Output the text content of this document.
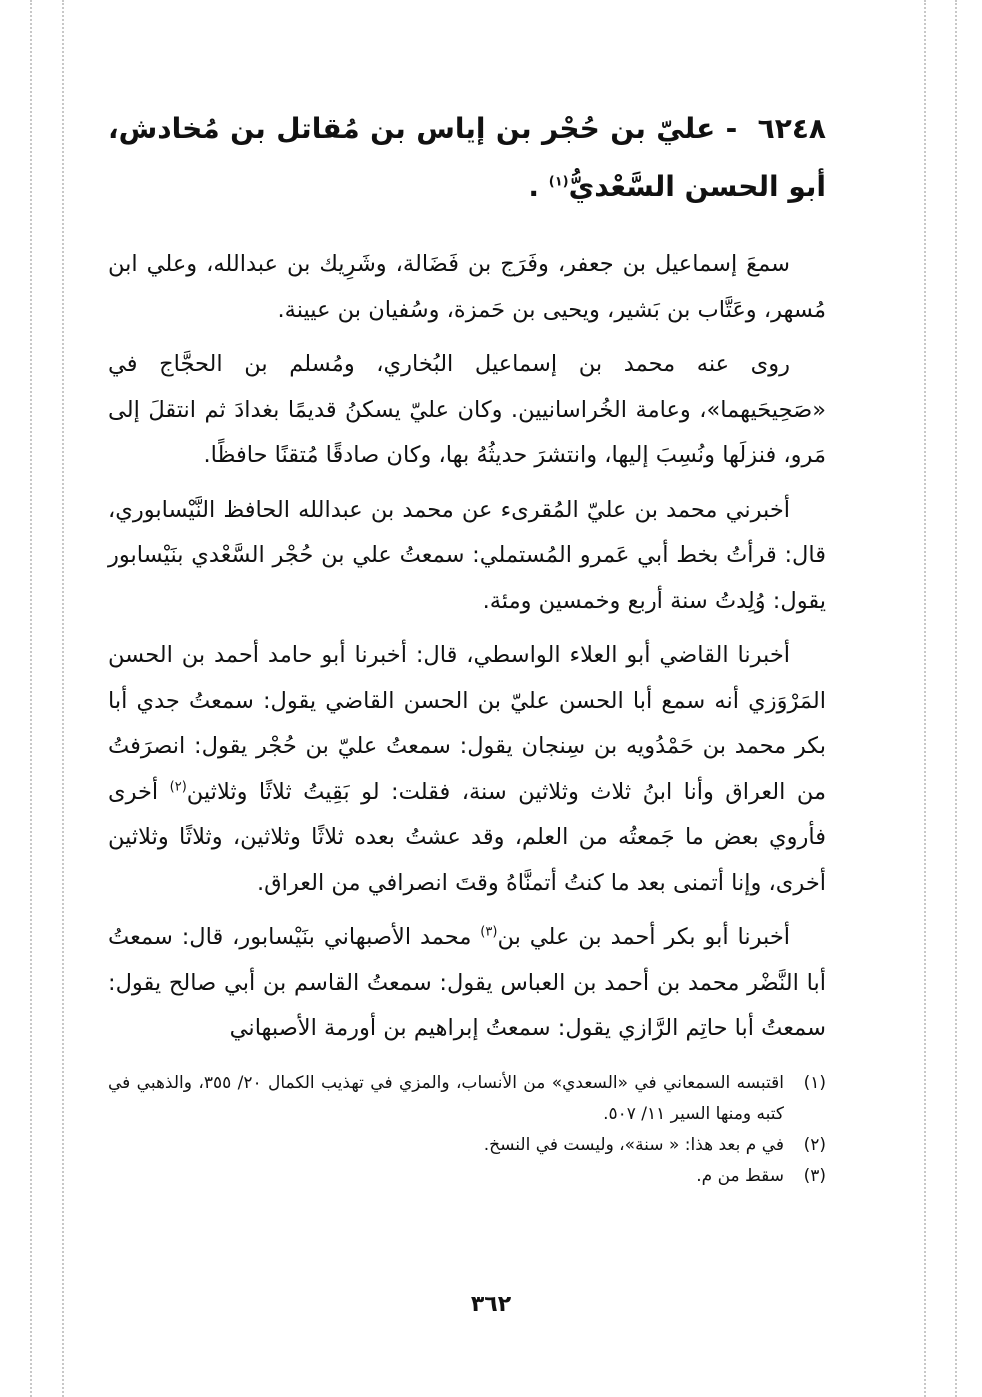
٦٢٤٨ - عليّ بن حُجْر بن إياس بن مُقاتل بن مُخادش، أبو الحسن السَّعْديُّ$^{(١)}$ .

سمعَ إسماعيل بن جعفر، وفَرَج بن فَضَالة، وشَرِيك بن عبدالله، وعلي ابن مُسهر، وعَتَّاب بن بَشير، ويحيى بن حَمزة، وسُفيان بن عيينة.

روى عنه محمد بن إسماعيل البُخاري، ومُسلم بن الحجَّاج في «صَحِيحَيهما»، وعامة الخُراسانيين. وكان عليّ يسكنُ قديمًا بغدادَ ثم انتقلَ إلى مَرو، فنزلَها ونُسِبَ إليها، وانتشرَ حديثُهُ بها، وكان صادقًا مُتقنًا حافظًا.

أخبرني محمد بن عليّ المُقرىء عن محمد بن عبدالله الحافظ النَّيْسابوري، قال: قرأتُ بخط أبي عَمرو المُستملي: سمعتُ علي بن حُجْر السَّعْدي بنَيْسابور يقول: وُلِدتُ سنة أربع وخمسين ومئة.

أخبرنا القاضي أبو العلاء الواسطي، قال: أخبرنا أبو حامد أحمد بن الحسن المَرْوَزي أنه سمع أبا الحسن عليّ بن الحسن القاضي يقول: سمعتُ جدي أبا بكر محمد بن حَمْدُويه بن سِنجان يقول: سمعتُ عليّ بن حُجْر يقول: انصرَفتُ من العراق وأنا ابنُ ثلاث وثلاثين سنة، فقلت: لو بَقِيتُ ثلاثًا وثلاثين$^{(٢)}$ أخرى فأروي بعض ما جَمعتُه من العلم، وقد عشتُ بعده ثلاثًا وثلاثين، وثلاثًا وثلاثين أخرى، وإنا أتمنى بعد ما كنتُ أتمنَّاهُ وقتَ انصرافي من العراق.

أخبرنا أبو بكر أحمد بن علي بن$^{(٣)}$ محمد الأصبهاني بنَيْسابور، قال: سمعتُ أبا النَّضْر محمد بن أحمد بن العباس يقول: سمعتُ القاسم بن أبي صالح يقول: سمعتُ أبا حاتِم الرَّازي يقول: سمعتُ إبراهيم بن أورمة الأصبهاني

(١)
اقتبسه السمعاني في «السعدي» من الأنساب، والمزي في تهذيب الكمال ٢٠/ ٣٥٥، والذهبي في كتبه ومنها السير ١١/ ٥٠٧.
(٢)
في م بعد هذا: « سنة»، وليست في النسخ.
(٣)
سقط من م.
٣٦٢
